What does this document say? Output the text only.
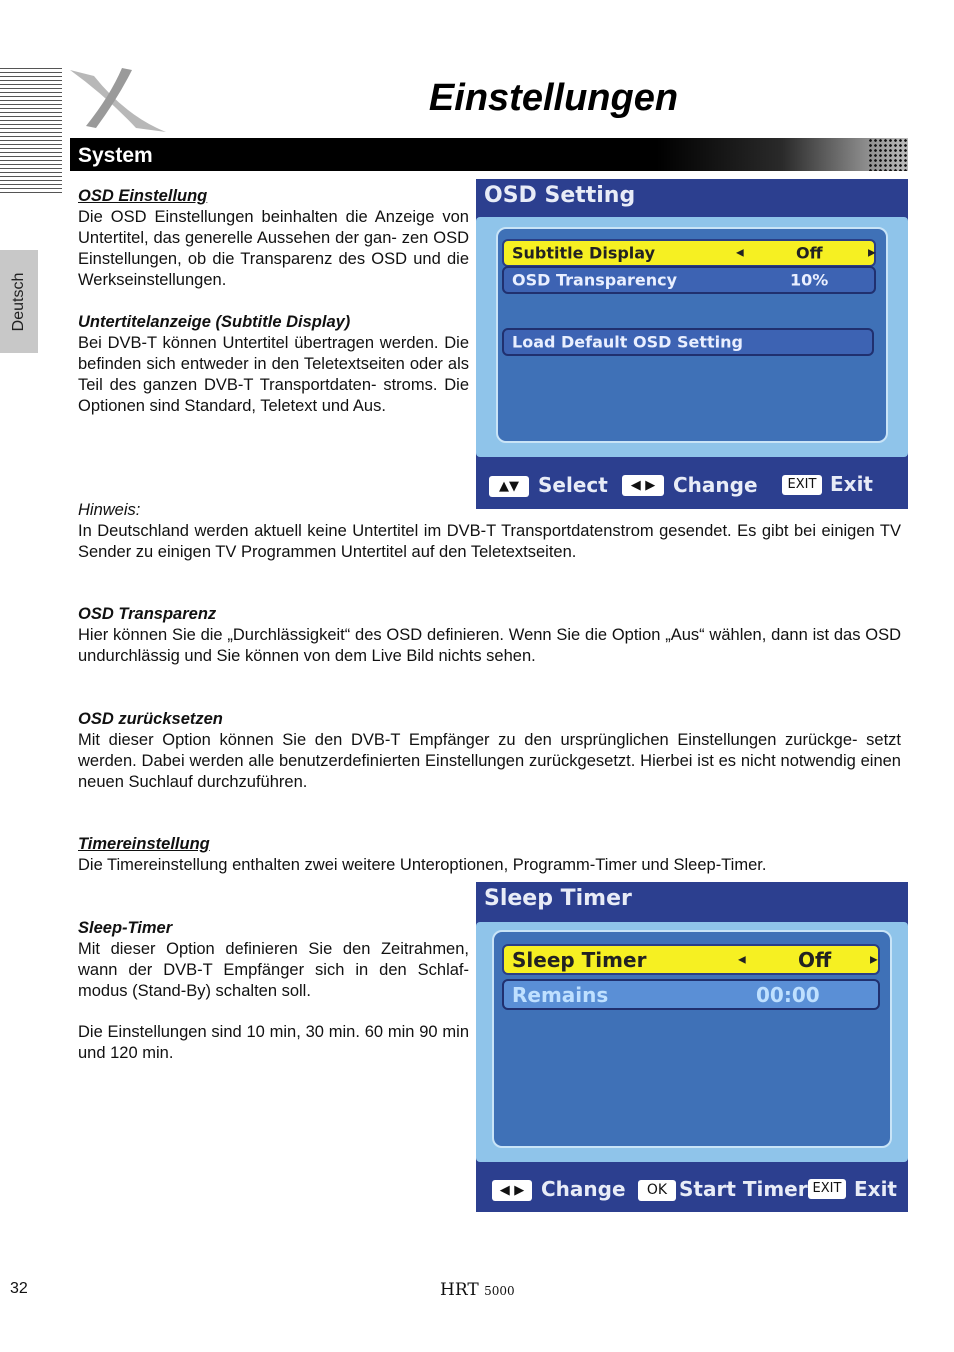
Einstellungen
Deutsch
System
OSD Einstellung
Die OSD Einstellungen beinhalten die Anzeige von Untertitel, das generelle Aussehen der gan- zen OSD Einstellungen, ob die Transparenz des OSD und die Werkseinstellungen.
Untertitelanzeige (Subtitle Display)
Bei DVB-T können Untertitel übertragen werden. Die befinden sich entweder in den Teletextseiten oder als Teil des ganzen DVB-T Transportdaten- stroms. Die Optionen sind Standard, Teletext und Aus.
OSD Setting
Subtitle Display	◀	Off	▶
OSD Transparency	10%
Load Default OSD Setting
▲▼ Select	◀ ▶ Change	EXIT Exit
Hinweis:
In Deutschland werden aktuell keine Untertitel im DVB-T Transportdatenstrom gesendet. Es gibt bei einigen TV Sender zu einigen TV Programmen Untertitel auf den Teletextseiten.
OSD Transparenz
Hier können Sie die „Durchlässigkeit“ des OSD definieren. Wenn Sie die Option „Aus“ wählen, dann ist das OSD undurchlässig und Sie können von dem Live Bild nichts sehen.
OSD zurücksetzen
Mit dieser Option können Sie den DVB-T Empfänger zu den ursprünglichen Einstellungen zurückge- setzt werden. Dabei werden alle benutzerdefinierten Einstellungen zurückgesetzt. Hierbei ist es nicht notwendig einen neuen Suchlauf durchzuführen.
Timereinstellung
Die Timereinstellung enthalten zwei weitere Unteroptionen, Programm-Timer und Sleep-Timer.
Sleep-Timer
Mit dieser Option definieren Sie den Zeitrahmen, wann der DVB-T Empfänger sich in den Schlaf- modus (Stand-By) schalten soll.
Die Einstellungen sind 10 min, 30 min. 60 min 90 min und 120 min.
Sleep Timer
Sleep Timer	◀	Off	▶
Remains	00:00
◀ ▶ Change	OK Start Timer EXIT Exit
32	HRT 5000
